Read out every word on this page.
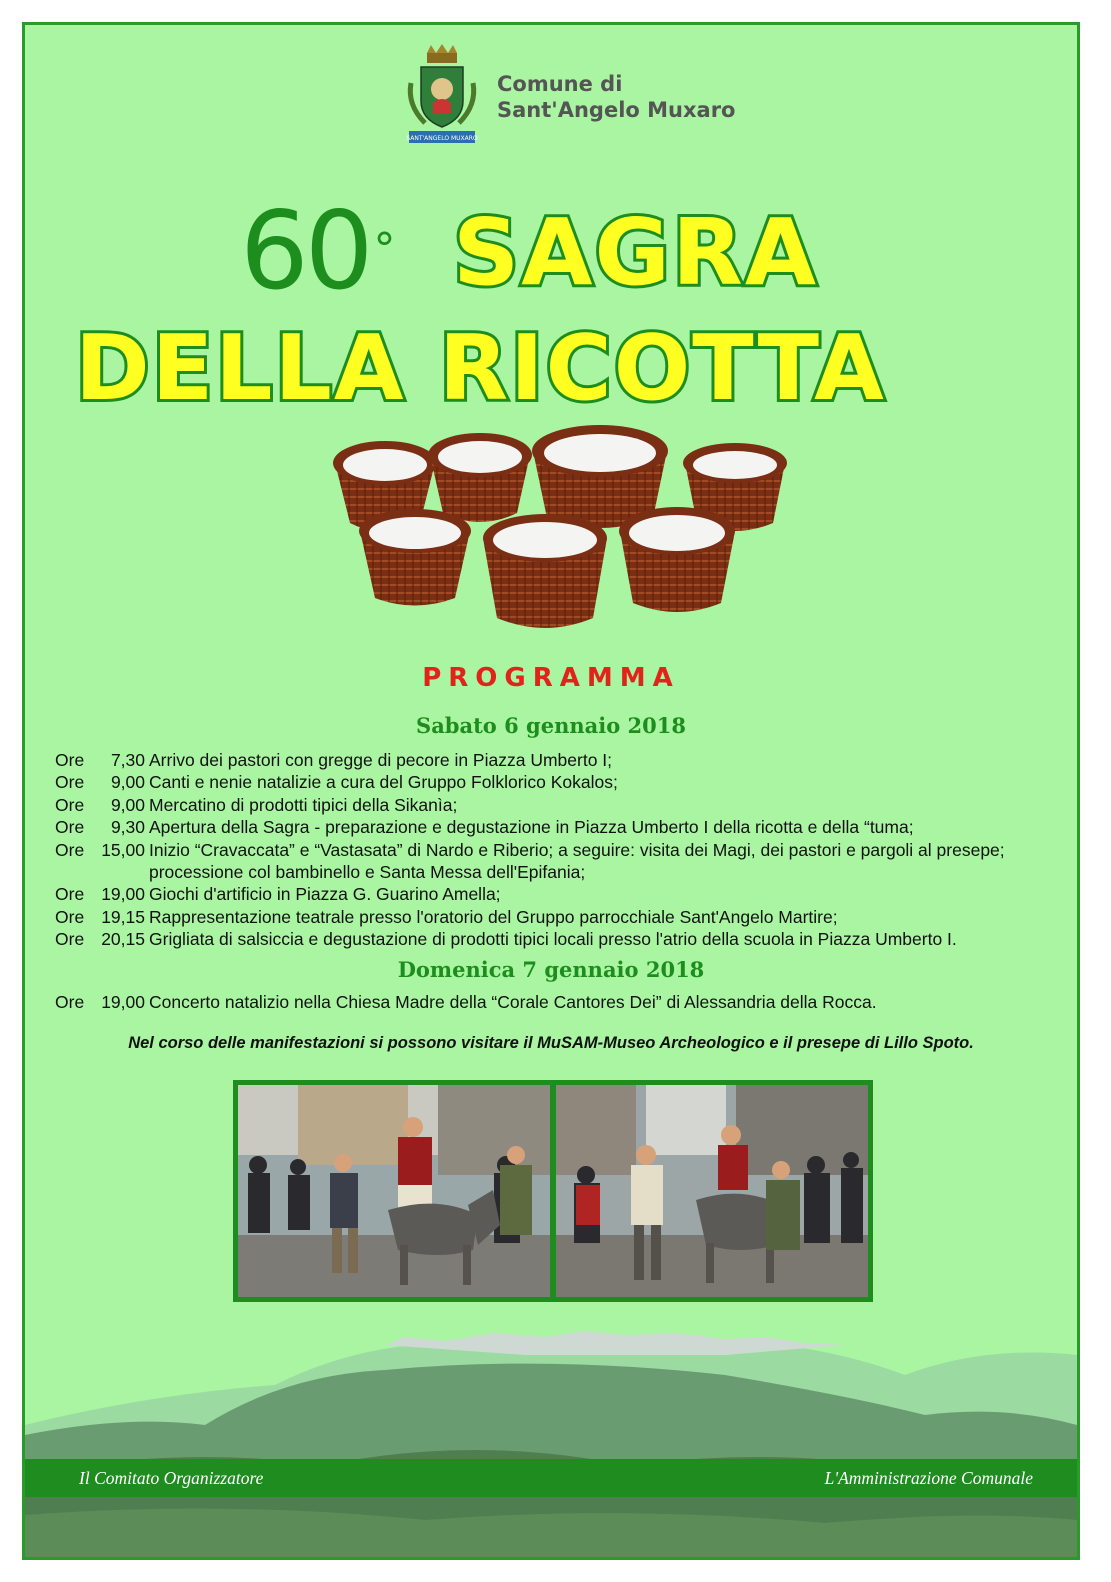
SANT'ANGELO MUXARO
Comune di
Sant'Angelo Muxaro
60° SAGRA
DELLA RICOTTA
PROGRAMMA
Sabato 6 gennaio 2018
Ore	7,30 Arrivo dei pastori con gregge di pecore in Piazza Umberto I;
Ore	9,00 Canti e nenie natalizie a cura del Gruppo Folklorico Kokalos;
Ore	9,00 Mercatino di prodotti tipici della Sikanìa;
Ore	9,30 Apertura della Sagra - preparazione e degustazione in Piazza Umberto I della ricotta e della “tuma;
Ore 15,00 Inizio “Cravaccata” e “Vastasata” di Nardo e Riberio; a seguire: visita dei Magi, dei pastori e pargoli al presepe;
processione col bambinello e Santa Messa dell'Epifania;
Ore 19,00 Giochi d'artificio in Piazza G. Guarino Amella;
Ore 19,15 Rappresentazione teatrale presso l'oratorio del Gruppo parrocchiale Sant'Angelo Martire;
Ore 20,15 Grigliata di salsiccia e degustazione di prodotti tipici locali presso l'atrio della scuola in Piazza Umberto I.
Domenica 7 gennaio 2018
Ore 19,00 Concerto natalizio nella Chiesa Madre della “Corale Cantores Dei” di Alessandria della Rocca.
Nel corso delle manifestazioni si possono visitare il MuSAM-Museo Archeologico e il presepe di Lillo Spoto.
Il Comitato Organizzatore	L'Amministrazione Comunale
